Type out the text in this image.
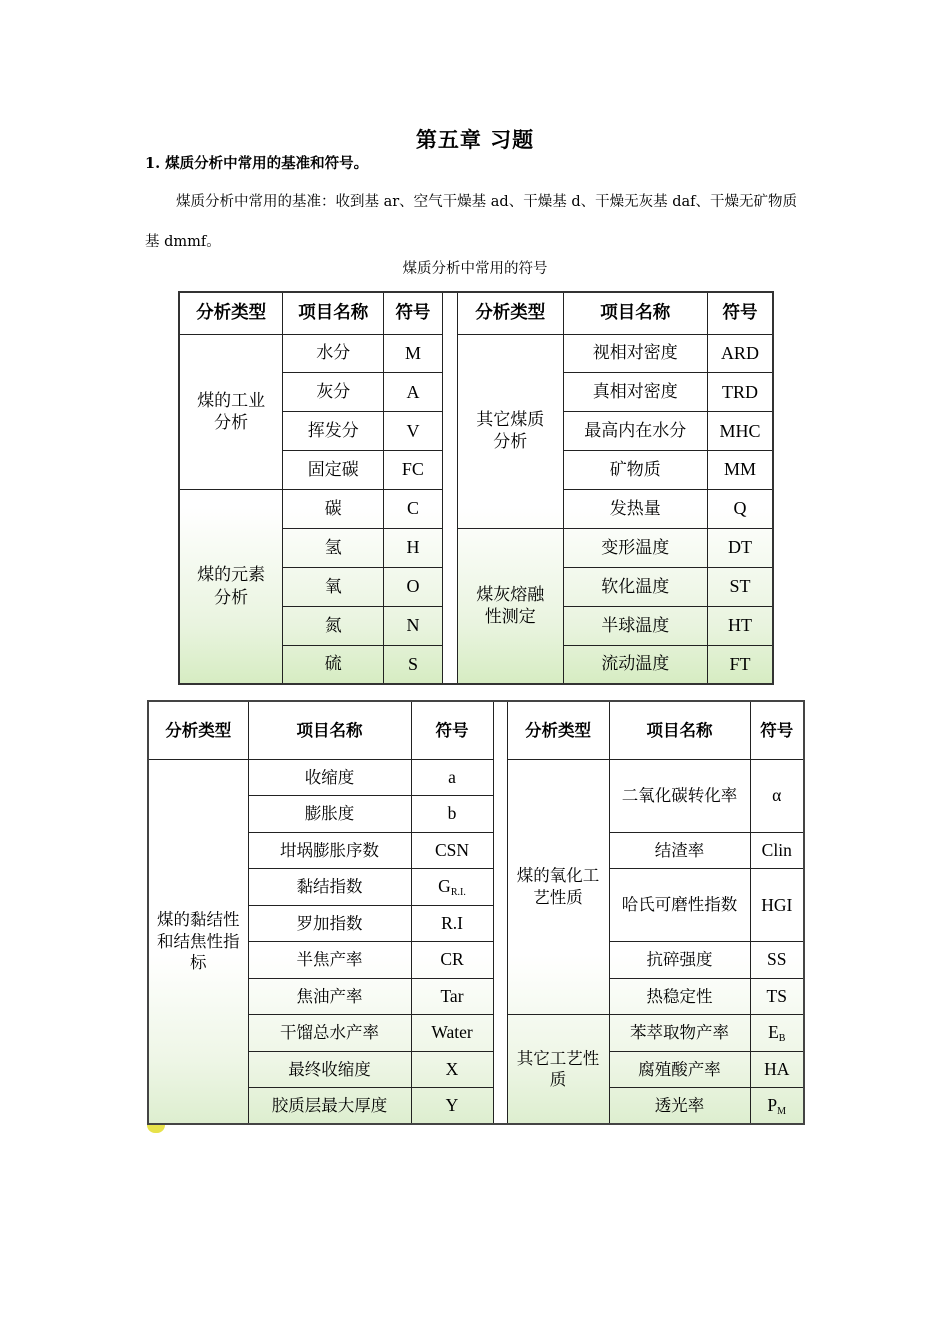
第五章 习题
1. 煤质分析中常用的基准和符号。
煤质分析中常用的基准：收到基 ar、空气干燥基 ad、干燥基 d、干燥无灰基 daf、干燥无矿物质基 dmmf。
煤质分析中常用的符号
分析类型	项目名称	符号		分析类型	项目名称	符号
煤的工业分析	水分	M		其它煤质分析	视相对密度	ARD
	灰分	A			真相对密度	TRD
	挥发分	V			最高内在水分	MHC
	固定碳	FC			矿物质	MM
煤的元素分析	碳	C			发热量	Q
	氢	H		煤灰熔融性测定	变形温度	DT
	氧	O			软化温度	ST
	氮	N			半球温度	HT
	硫	S			流动温度	FT
分析类型	项目名称	符号		分析类型	项目名称	符号
煤的黏结性和结焦性指标	收缩度	a		煤的氧化工艺性质	二氧化碳转化率	α
	膨胀度	b				
	坩埚膨胀序数	CSN			结渣率	Clin
	黏结指数	$G_{R.I.}$			哈氏可磨性指数	HGI
	罗加指数	R.I				
	半焦产率	CR			抗碎强度	SS
	焦油产率	Tar			热稳定性	TS
	干馏总水产率	Water		其它工艺性质	苯萃取物产率	$E_B$
	最终收缩度	X			腐殖酸产率	HA
	胶质层最大厚度	Y			透光率	$P_M$
